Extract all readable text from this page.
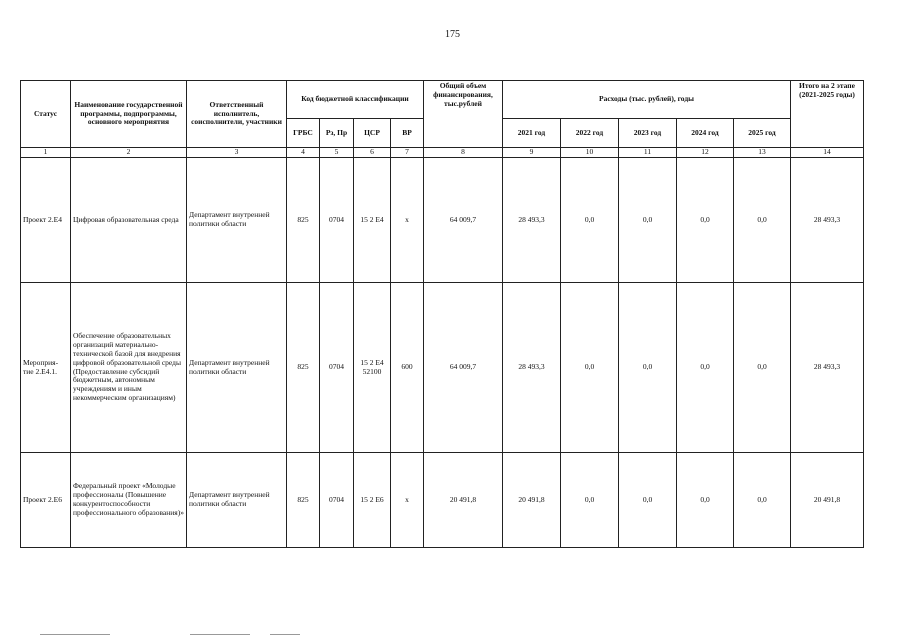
175
Статус	Наименование государственной программы, подпрограммы, основного мероприятия	Ответственный исполнитель, соисполнители, участники	Код бюджетной классификации				Общий объем финансирования, тыс.рублей	Расходы (тыс. рублей), годы					Итого на 2 этапе (2021-2025 годы)
			ГРБС	Рз, Пр	ЦСР	ВР		2021 год	2022 год	2023 год	2024 год	2025 год	
1	2	3	4	5	6	7	8	9	10	11	12	13	14
Проект 2.Е4	Цифровая образовательная среда	Департамент внутренней политики области	825	0704	15 2 Е4	х	64 009,7	28 493,3	0,0	0,0	0,0	0,0	28 493,3
Мероприя-тие 2.Е4.1.	Обеспечение образовательных организаций материально-технической базой для внедрения цифровой образовательной среды (Предоставление субсидий бюджетным, автономным учреждениям и иным некоммерческим организациям)	Департамент внутренней политики области	825	0704	15 2 Е4 52100	600	64 009,7	28 493,3	0,0	0,0	0,0	0,0	28 493,3
Проект 2.Е6	Федеральный проект «Молодые профессионалы (Повышение конкурентоспособности профессионального образования)»	Департамент внутренней политики области	825	0704	15 2 Е6	х	20 491,8	20 491,8	0,0	0,0	0,0	0,0	20 491,8
